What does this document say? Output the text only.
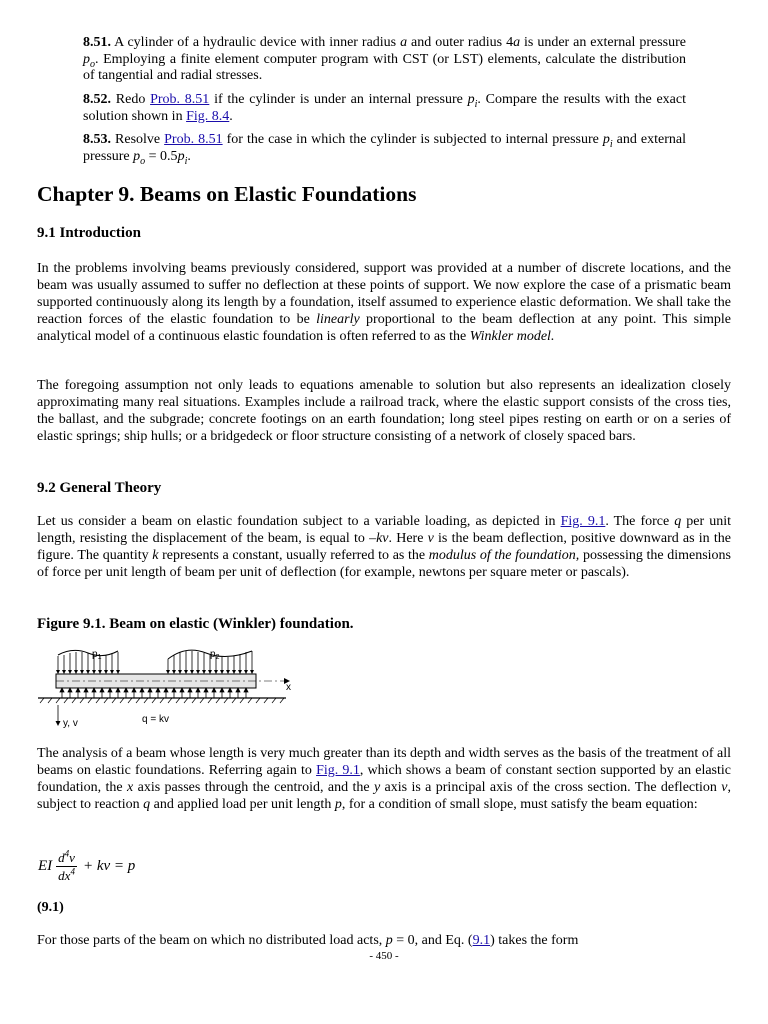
8.51. A cylinder of a hydraulic device with inner radius a and outer radius 4a is under an external pressure $p_o$. Employing a finite element computer program with CST (or LST) elements, calculate the distribution of tangential and radial stresses.

8.52. Redo Prob. 8.51 if the cylinder is under an internal pressure $p_i$. Compare the results with the exact solution shown in Fig. 8.4.

8.53. Resolve Prob. 8.51 for the case in which the cylinder is subjected to internal pressure $p_i$ and external pressure $p_o = 0.5p_i$.

Chapter 9. Beams on Elastic Foundations
9.1 Introduction

In the problems involving beams previously considered, support was provided at a number of discrete locations, and the beam was usually assumed to suffer no deflection at these points of support. We now explore the case of a prismatic beam supported continuously along its length by a foundation, itself assumed to experience elastic deformation. We shall take the reaction forces of the elastic foundation to be linearly proportional to the beam deflection at any point. This simple analytical model of a continuous elastic foundation is often referred to as the Winkler model.

The foregoing assumption not only leads to equations amenable to solution but also represents an idealization closely approximating many real situations. Examples include a railroad track, where the elastic support consists of the cross ties, the ballast, and the subgrade; concrete footings on an earth foundation; long steel pipes resting on earth or on a series of elastic springs; ship hulls; or a bridgedeck or floor structure consisting of a network of closely spaced bars.

9.2 General Theory

Let us consider a beam on elastic foundation subject to a variable loading, as depicted in Fig. 9.1. The force q per unit length, resisting the displacement of the beam, is equal to –kv. Here v is the beam deflection, positive downward as in the figure. The quantity k represents a constant, usually referred to as the modulus of the foundation, possessing the dimensions of force per unit length of beam per unit of deflection (for example, newtons per square meter or pascals).

Figure 9.1. Beam on elastic (Winkler) foundation.

$p_1$	$p_2$
x
y, v	q = kv

The analysis of a beam whose length is very much greater than its depth and width serves as the basis of the treatment of all beams on elastic foundations. Referring again to Fig. 9.1, which shows a beam of constant section supported by an elastic foundation, the x axis passes through the centroid, and the y axis is a principal axis of the cross section. The deflection v, subject to reaction q and applied load per unit length p, for a condition of small slope, must satisfy the beam equation:

EI
$d^4v$
$dx^4$ + kv = p
(9.1)

For those parts of the beam on which no distributed load acts, p = 0, and Eq. (9.1) takes the form

- 450 -
